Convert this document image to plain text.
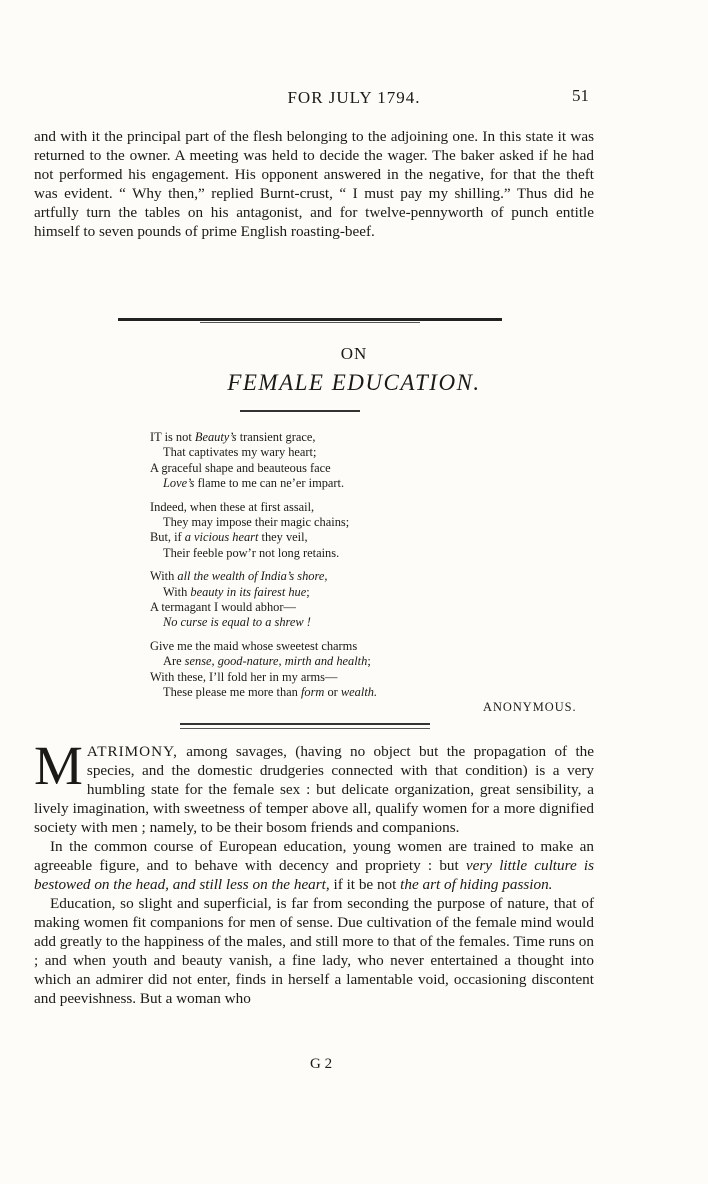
FOR JULY 1794.	51

and with it the principal part of the flesh belonging to the adjoining one. In this state it was returned to the owner. A meeting was held to decide the wager. The baker asked if he had not performed his engagement. His opponent answered in the negative, for that the theft was evident. “ Why then,” replied Burnt-crust, “ I must pay my shilling.” Thus did he artfully turn the tables on his antagonist, and for twelve-pennyworth of punch entitle himself to seven pounds of prime English roasting-beef.

ON
FEMALE EDUCATION.
IT is not Beauty’s transient grace,
That captivates my wary heart;
A graceful shape and beauteous face
Love’s flame to me can ne’er impart.
Indeed, when these at first assail,
They may impose their magic chains;
But, if a vicious heart they veil,
Their feeble pow’r not long retains.
With all the wealth of India’s shore,
With beauty in its fairest hue;
A termagant I would abhor—
No curse is equal to a shrew !
Give me the maid whose sweetest charms
Are sense, good-nature, mirth and health;
With these, I’ll fold her in my arms—
These please me more than form or wealth.
ANONYMOUS.

MATRIMONY, among savages, (having no object but the propagation of the species, and the domestic drudgeries connected with that condition) is a very humbling state for the female sex : but delicate organization, great sensibility, a lively imagination, with sweetness of temper above all, qualify women for a more dignified society with men ; namely, to be their bosom friends and companions.

In the common course of European education, young women are trained to make an agreeable figure, and to behave with decency and propriety : but very little culture is bestowed on the head, and still less on the heart, if it be not the art of hiding passion.

Education, so slight and superficial, is far from seconding the purpose of nature, that of making women fit companions for men of sense. Due cultivation of the female mind would add greatly to the happiness of the males, and still more to that of the females. Time runs on ; and when youth and beauty vanish, a fine lady, who never entertained a thought into which an admirer did not enter, finds in herself a lamentable void, occasioning discontent and peevishness. But a woman who

G 2
